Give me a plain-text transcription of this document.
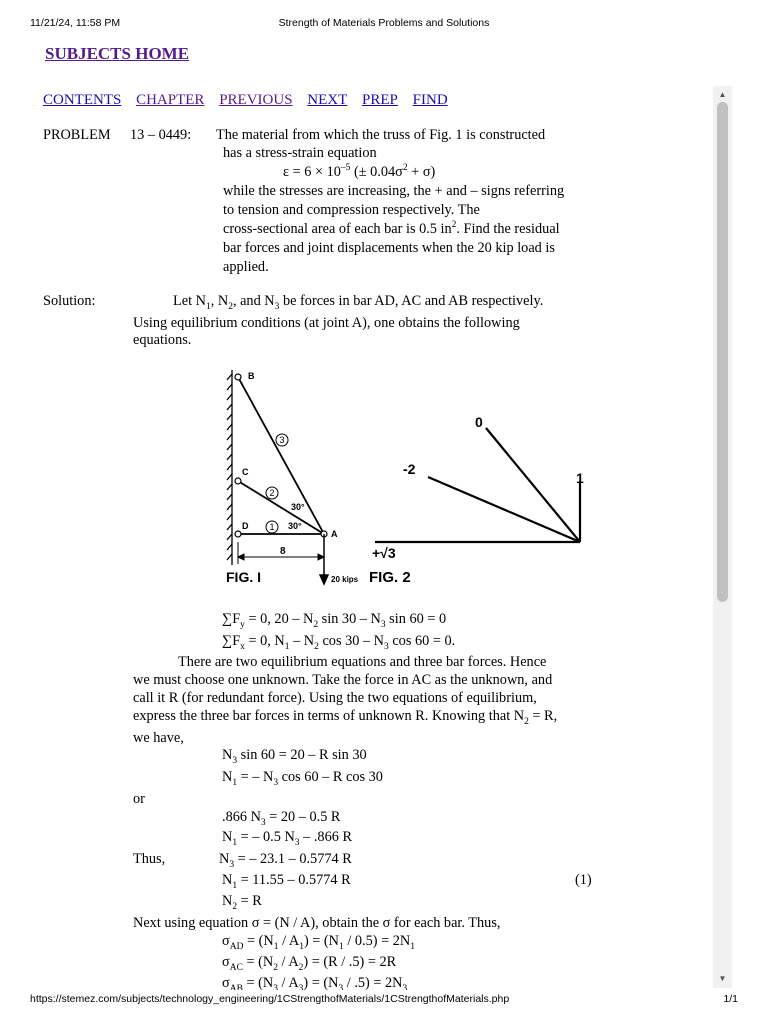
11/21/24, 11:58 PM	Strength of Materials Problems and Solutions
SUBJECTS HOME
CONTENTS CHAPTER PREVIOUS NEXT PREP FIND
PROBLEM 13 – 0449: The material from which the truss of Fig. 1 is constructed
has a stress-strain equation
$\varepsilon = 6 \times 10^{-5}$ (± $0.04\sigma^2 + \sigma$)
while the stresses are increasing, the + and – signs referring
to tension and compression respectively. The
cross-sectional area of each bar is 0.5 $in^2$. Find the residual
bar forces and joint displacements when the 20 kip load is
applied.
Solution:	Let $N_1$, $N_2$, and $N_3$ be forces in bar AD, AC and AB respectively.
Using equilibrium conditions (at joint A), one obtains the following
equations.
$\sum F_y = 0$, $20 - N_2$ $\sin 30 - N_3$ sin 60 = 0
$\sum F_x = 0$, $N_1 - N_2$ $\cos 30 - N_3$ cos 60 = 0.
There are two equilibrium equations and three bar forces. Hence
we must choose one unknown. Take the force in AC as the unknown, and
call it R (for redundant force). Using the two equations of equilibrium,
express the three bar forces in terms of unknown R. Knowing that $N_2 = R$,
we have,
$N_3$ sin 60 = 20 – R sin 30
$N_1$ = – $N_3$ cos 60 – R cos 30
or
.866 $N_3 = 20 - 0.5$ R
$N_1$ = – 0.5 $N_3 - .866$ R
Thus,	$N_3$ = – 23.1 – 0.5774 R
$N_1 = 11.55 - 0.5774$ R	(1)
$N_2 = R$
Next using equation σ = (N / A), obtain the σ for each bar. Thus,
$\sigma_{AD} = (N_1 / A_1) = (N_1 / 0.5) = 2N_1$
$\sigma_{AC} = (N_2 / A_2) = (R / .5) = 2R$
$\sigma_{AB} = (N_3 / A_3) = (N_3 / .5) = 2N_3$
B
C
D
A
30°
30°
3
2
1
8
20 kips
FIG. I
0
-2
1
+√3
FIG. 2
▲
▼
https://stemez.com/subjects/technology_engineering/1CStrengthofMaterials/1CStrengthofMaterials.php	1/1
